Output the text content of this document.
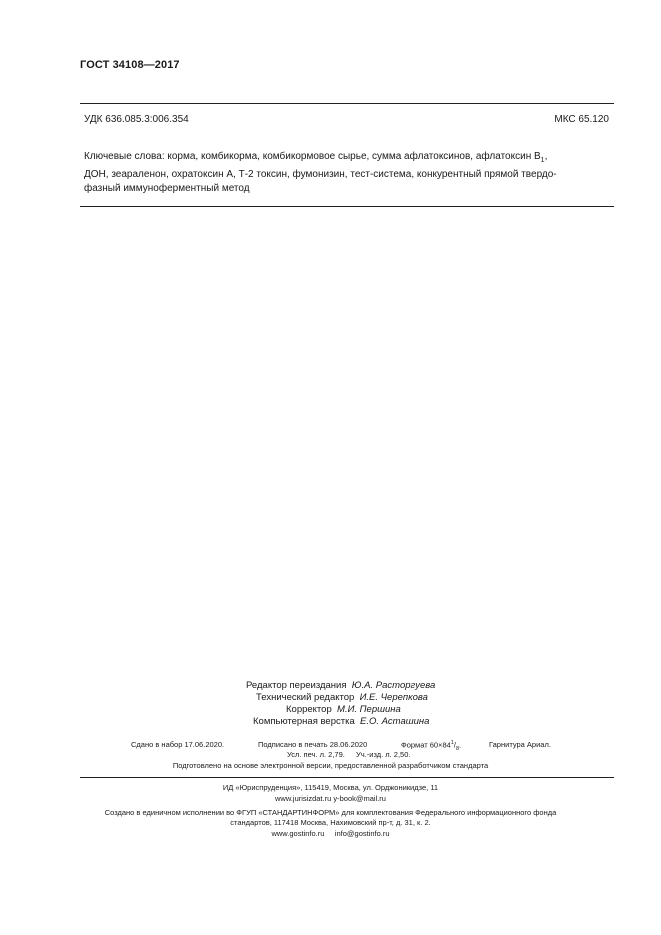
ГОСТ 34108—2017
УДК 636.085.3:006.354	МКС 65.120
Ключевые слова: корма, комбикорма, комбикормовое сырье, сумма афлатоксинов, афлатоксин $B_1$,
ДОН, зеараленон, охратоксин А, Т-2 токсин, фумонизин, тест-система, конкурентный прямой твердо-
фазный иммуноферментный метод
Редактор переиздания Ю.А. Расторгуева
Технический редактор И.Е. Черепкова
Корректор М.И. Першина
Компьютерная верстка Е.О. Асташина
Сдано в набор 17.06.2020.	Подписано в печать 28.06.2020	Формат $60\times 84^1/_8$.	Гарнитура Ариал.
Усл. печ. л. 2,79. Уч.-изд. л. 2,50.
Подготовлено на основе электронной версии, предоставленной разработчиком стандарта
ИД «Юриспруденция», 115419, Москва, ул. Орджоникидзе, 11
www.jurisizdat.ru y-book@mail.ru
Создано в единичном исполнении во ФГУП «СТАНДАРТИНФОРМ» для комплектования Федерального информационного фонда
стандартов, 117418 Москва, Нахимовский пр-т, д. 31, к. 2.
www.gostinfo.ru info@gostinfo.ru
